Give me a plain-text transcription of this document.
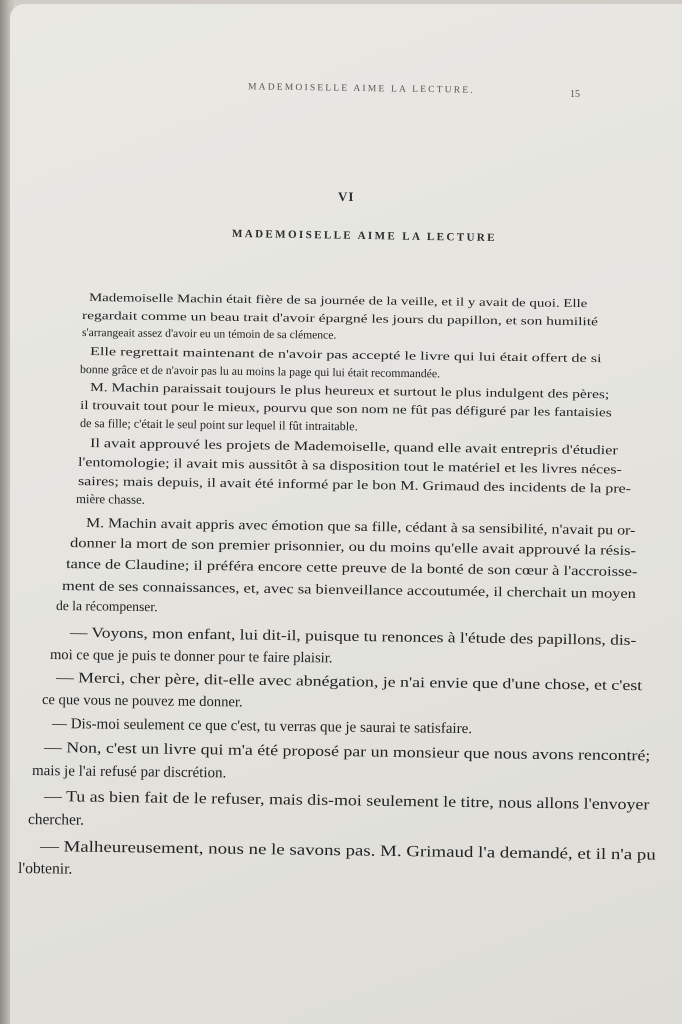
MADEMOISELLE AIME LA LECTURE.	15
VI
MADEMOISELLE AIME LA LECTURE
Mademoiselle Machin était fière de sa journée de la veille, et il y avait de quoi. Elle
regardait comme un beau trait d'avoir épargné les jours du papillon, et son humilité
s'arrangeait assez d'avoir eu un témoin de sa clémence.
Elle regrettait maintenant de n'avoir pas accepté le livre qui lui était offert de si
bonne grâce et de n'avoir pas lu au moins la page qui lui était recommandée.
M. Machin paraissait toujours le plus heureux et surtout le plus indulgent des pères;
il trouvait tout pour le mieux, pourvu que son nom ne fût pas défiguré par les fantaisies
de sa fille; c'était le seul point sur lequel il fût intraitable.
Il avait approuvé les projets de Mademoiselle, quand elle avait entrepris d'étudier
l'entomologie; il avait mis aussitôt à sa disposition tout le matériel et les livres néces-
saires; mais depuis, il avait été informé par le bon M. Grimaud des incidents de la pre-
mière chasse.
M. Machin avait appris avec émotion que sa fille, cédant à sa sensibilité, n'avait pu or-
donner la mort de son premier prisonnier, ou du moins qu'elle avait approuvé la résis-
tance de Claudine; il préféra encore cette preuve de la bonté de son cœur à l'accroisse-
ment de ses connaissances, et, avec sa bienveillance accoutumée, il cherchait un moyen
de la récompenser.
— Voyons, mon enfant, lui dit-il, puisque tu renonces à l'étude des papillons, dis-
moi ce que je puis te donner pour te faire plaisir.
— Merci, cher père, dit-elle avec abnégation, je n'ai envie que d'une chose, et c'est
ce que vous ne pouvez me donner.
— Dis-moi seulement ce que c'est, tu verras que je saurai te satisfaire.
— Non, c'est un livre qui m'a été proposé par un monsieur que nous avons rencontré;
mais je l'ai refusé par discrétion.
— Tu as bien fait de le refuser, mais dis-moi seulement le titre, nous allons l'envoyer
chercher.
— Malheureusement, nous ne le savons pas. M. Grimaud l'a demandé, et il n'a pu
l'obtenir.
